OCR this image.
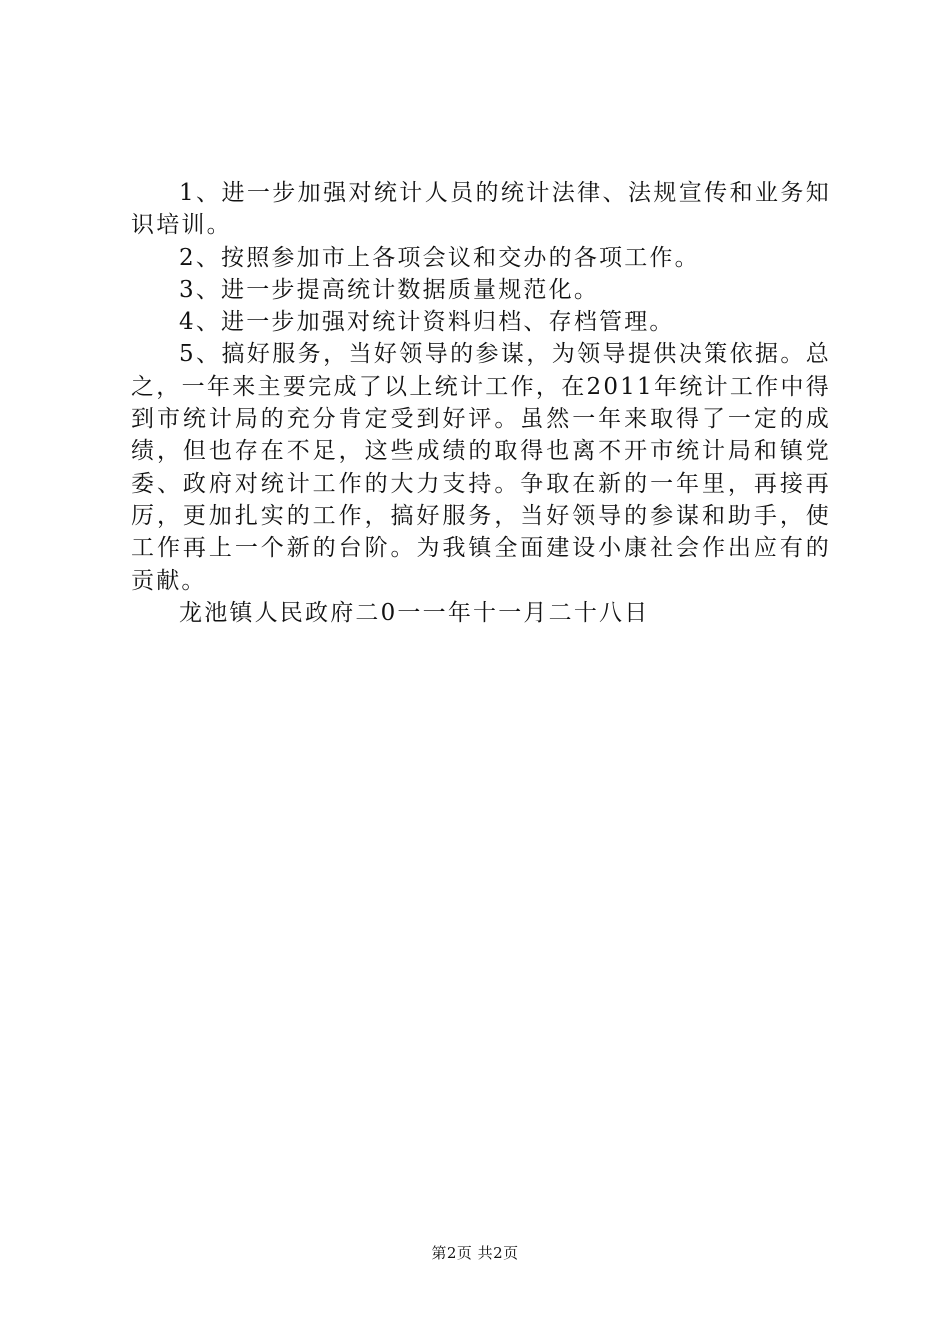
1、进一步加强对统计人员的统计法律、法规宣传和业务知识培训。

2、按照参加市上各项会议和交办的各项工作。

3、进一步提高统计数据质量规范化。

4、进一步加强对统计资料归档、存档管理。

5、搞好服务，当好领导的参谋，为领导提供决策依据。总之，一年来主要完成了以上统计工作，在2011年统计工作中得到市统计局的充分肯定受到好评。虽然一年来取得了一定的成绩，但也存在不足，这些成绩的取得也离不开市统计局和镇党委、政府对统计工作的大力支持。争取在新的一年里，再接再厉，更加扎实的工作，搞好服务，当好领导的参谋和助手，使工作再上一个新的台阶。为我镇全面建设小康社会作出应有的贡献。

龙池镇人民政府二0一一年十一月二十八日

第2页 共2页
